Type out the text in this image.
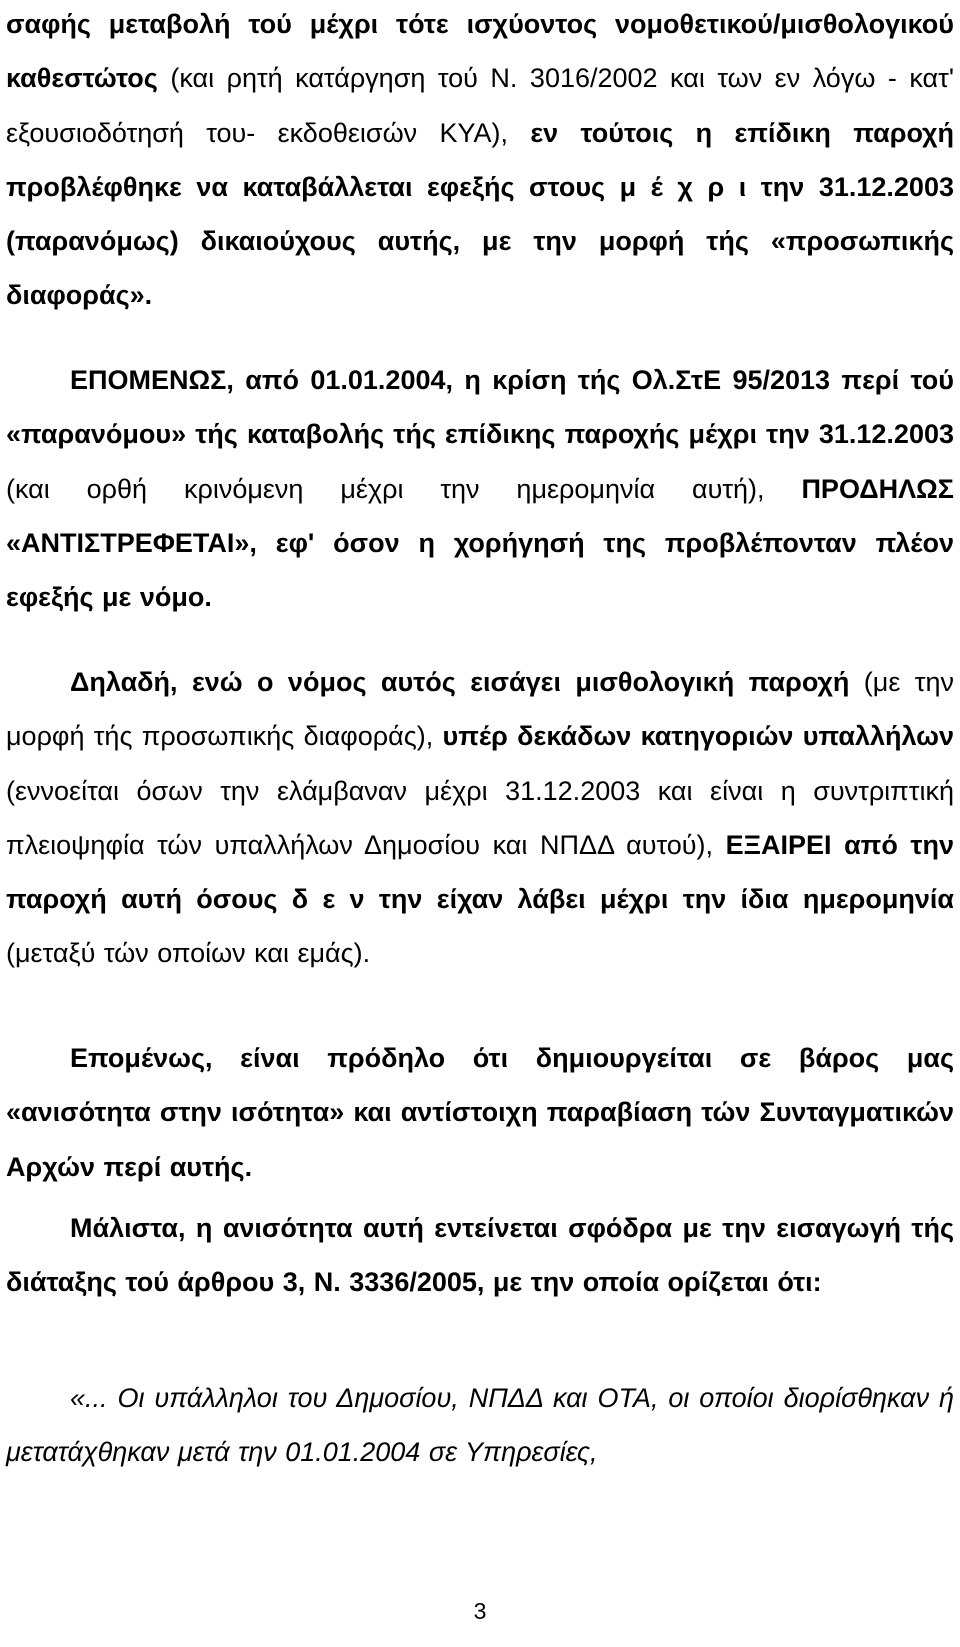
σαφής μεταβολή τού μέχρι τότε ισχύοντος νομοθετικού/μισθολογικού καθεστώτος (και ρητή κατάργηση τού Ν. 3016/2002 και των εν λόγω - κατ' εξουσιοδότησή του- εκδοθεισών ΚΥΑ), εν τούτοις η επίδικη παροχή προβλέφθηκε να καταβάλλεται εφεξής στους μ έ χ ρ ι την 31.12.2003 (παρανόμως) δικαιούχους αυτής, με την μορφή τής «προσωπικής διαφοράς».

ΕΠΟΜΕΝΩΣ, από 01.01.2004, η κρίση τής Ολ.ΣτΕ 95/2013 περί τού «παρανόμου» τής καταβολής τής επίδικης παροχής μέχρι την 31.12.2003 (και ορθή κρινόμενη μέχρι την ημερομηνία αυτή), ΠΡΟΔΗΛΩΣ «ΑΝΤΙΣΤΡΕΦΕΤΑΙ», εφ' όσον η χορήγησή της προβλέπονταν πλέον εφεξής με νόμο.

Δηλαδή, ενώ ο νόμος αυτός εισάγει μισθολογική παροχή (με την μορφή τής προσωπικής διαφοράς), υπέρ δεκάδων κατηγοριών υπαλλήλων (εννοείται όσων την ελάμβαναν μέχρι 31.12.2003 και είναι η συντριπτική πλειοψηφία τών υπαλλήλων Δημοσίου και ΝΠΔΔ αυτού), ΕΞΑΙΡΕΙ από την παροχή αυτή όσους δ ε ν την είχαν λάβει μέχρι την ίδια ημερομηνία (μεταξύ τών οποίων και εμάς).

Επομένως, είναι πρόδηλο ότι δημιουργείται σε βάρος μας «ανισότητα στην ισότητα» και αντίστοιχη παραβίαση τών Συνταγματικών Αρχών περί αυτής.

Μάλιστα, η ανισότητα αυτή εντείνεται σφόδρα με την εισαγωγή τής διάταξης τού άρθρου 3, Ν. 3336/2005, με την οποία ορίζεται ότι:

«... Οι υπάλληλοι του Δημοσίου, ΝΠΔΔ και ΟΤΑ, οι οποίοι διορίσθηκαν ή μετατάχθηκαν μετά την 01.01.2004 σε Υπηρεσίες,

3
